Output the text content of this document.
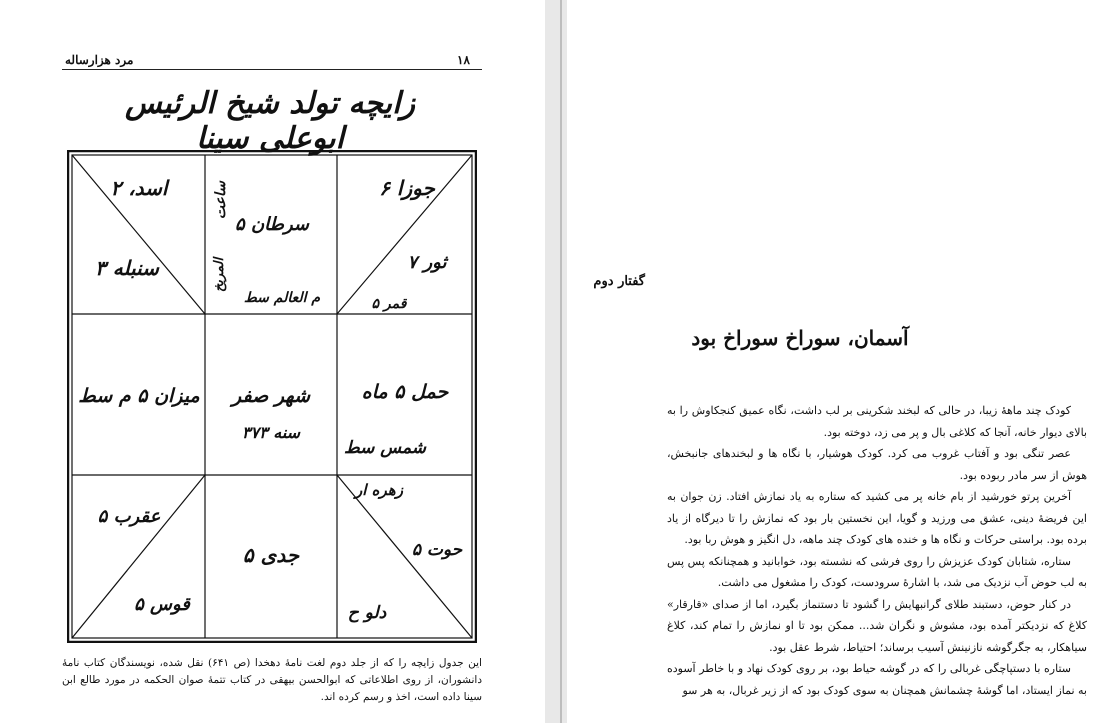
مرد هزارساله	۱۸
زایچه تولد شیخ الرئیس ابوعلی سینا
اسد، ۲
سنبله ۳
سرطان ۵
ساعت
المریخ
م العالم سط
جوزا ۶
ثور ۷
قمر ۵
میزان ۵ م سط شهر صفر
سنه ۳۷۳
حمل ۵ ماه
شمس سط
عقرب ۵
قوس ۵
جدی ۵
زهره ار
حوت ۵
دلو ح
این جدول زایچه را که از جلد دوم لغت نامهٔ دهخدا (ص ۶۴۱) نقل شده، نویسندگان کتاب نامهٔ دانشوران، از روی اطلاعاتی که ابوالحسن بیهقی در کتاب تتمهٔ صوان الحکمه در مورد طالع ابن سینا داده است، اخذ و رسم کرده اند.
گفتار دوم
آسمان، سوراخ سوراخ بود

کودک چند ماههٔ زیبا، در حالی که لبخند شکرینی بر لب داشت، نگاه عمیق کنجکاوش را به بالای دیوار خانه، آنجا که کلاغی بال و پر می زد، دوخته بود.

عصر تنگی بود و آفتاب غروب می کرد. کودک هوشیار، با نگاه ها و لبخندهای جانبخش، هوش از سر مادر ربوده بود.

آخرین پرتو خورشید از بام خانه پر می کشید که ستاره به یاد نمازش افتاد. زن جوان به این فریضهٔ دینی، عشق می ورزید و گویا، این نخستین بار بود که نمازش را تا دیرگاه از یاد برده بود. براستی حرکات و نگاه ها و خنده های کودک چند ماهه، دل انگیز و هوش ربا بود.

ستاره، شتابان کودک عزیزش را روی فرشی که نشسته بود، خوابانید و همچنانکه پس پس به لب حوض آب نزدیک می شد، با اشارهٔ سرودست، کودک را مشغول می داشت.

در کنار حوض، دستبند طلای گرانبهایش را گشود تا دستنماز بگیرد، اما از صدای «قارقار» کلاغ که نزدیکتر آمده بود، مشوش و نگران شد... ممکن بود تا او نمازش را تمام کند، کلاغ سیاهکار، به جگرگوشه نازنینش آسیب برساند؛ احتیاط، شرط عقل بود.

ستاره با دستپاچگی غربالی را که در گوشه حیاط بود، بر روی کودک نهاد و با خاطر آسوده به نماز ایستاد، اما گوشهٔ چشمانش همچنان به سوی کودک بود که از زیر غربال، به هر سو
